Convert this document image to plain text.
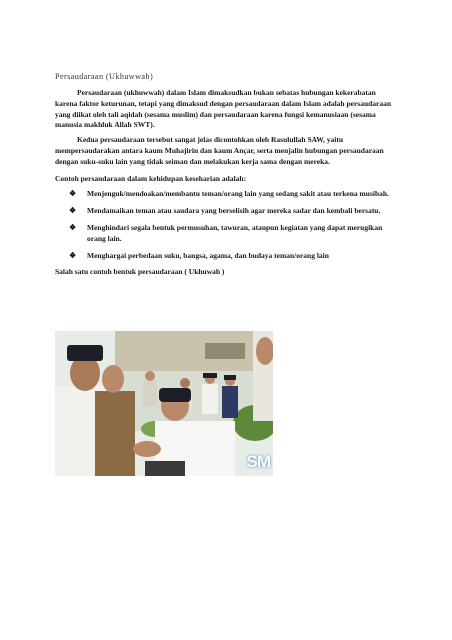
Persaudaraan (Ukhuwwah)

Persaudaraan (ukhuwwah) dalam Islam dimaksudkan bukan sebatas hubungan kekerabatan karena faktor keturunan, tetapi yang dimaksud dengan persaudaraan dalam Islam adalah persaudaraan yang diikat oleh tali aqidah (sesama muslim) dan persaudaraan karena fungsi kemanusiaan (sesama manusia makhluk Allah SWT).

Kedua persaudaraan tersebut sangat jelas dicontohkan oleh Rasulullah SAW, yaitu mempersaudarakan antara kaum Muhajirin dan kaum Ançar, serta menjalin hubungan persaudaraan dengan suku-suku lain yang tidak seiman dan melakukan kerja sama dengan mereka.

Contoh persaudaraan dalam kehidupan keseharian adalah:
❖ Menjenguk/mendoakan/membantu teman/orang lain yang sedang sakit atau terkena musibah.
❖ Mendamaikan teman atau saudara yang berselisih agar mereka sadar dan kembali bersatu.
❖ Menghindari segala bentuk permusuhan, tawuran, ataupun kegiatan yang dapat merugikan orang lain.
❖ Menghargai perbedaan suku, bangsa, agama, dan budaya teman/orang lain
Salah satu contoh bentuk persaudaraan ( Ukhuwah )
SM
